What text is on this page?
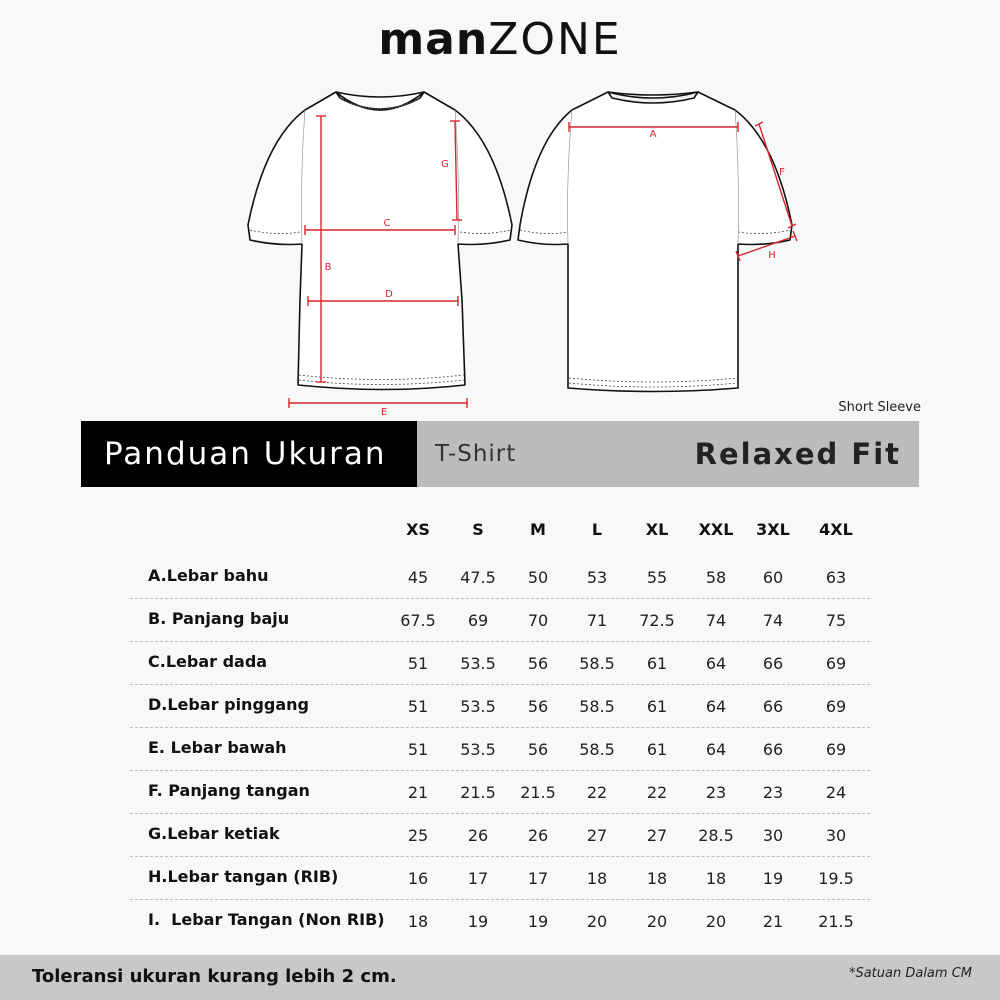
manZONE
A
B
C
D
E
F
G
H
Short Sleeve
Panduan Ukuran	T-Shirt	Relaxed Fit
XS	S	M	L	XL	XXL	3XL	4XL
A.Lebar bahu	45	47.5	50	53	55	58	60	63
B. Panjang baju	67.5	69	70	71	72.5	74	74	75
C.Lebar dada	51	53.5	56	58.5	61	64	66	69
D.Lebar pinggang	51	53.5	56	58.5	61	64	66	69
E. Lebar bawah	51	53.5	56	58.5	61	64	66	69
F. Panjang tangan	21	21.5	21.5	22	22	23	23	24
G.Lebar ketiak	25	26	26	27	27	28.5	30	30
H.Lebar tangan (RIB)	16	17	17	18	18	18	19	19.5
I.  Lebar Tangan (Non RIB)	18	19	19	20	20	20	21	21.5
Toleransi ukuran kurang lebih 2 cm.	*Satuan Dalam CM
